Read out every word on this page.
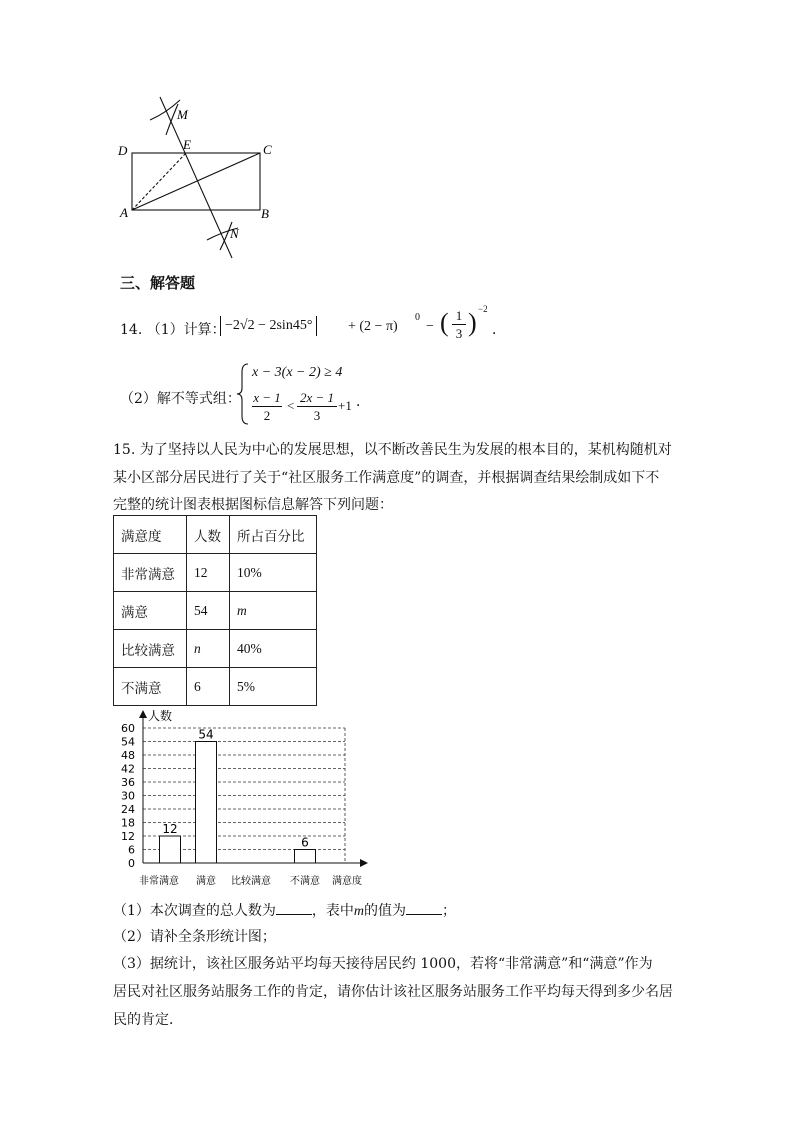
M
E	C
D
A	B
N
三、解答题
14. （1）计算： −2√2 − 2sin45°	+ (2 − π)
0
− ( 1
3 ) −2
．
（2）解不等式组：
x − 3(x − 2) ≥ 4
x − 1
2
<
2x − 1
3
+1 ．
15. 为了坚持以人民为中心的发展思想，以不断改善民生为发展的根本目的，某机构随机对
某小区部分居民进行了关于“社区服务工作满意度”的调查，并根据调查结果绘制成如下不
完整的统计图表根据图标信息解答下列问题：
满意度	人数	所占百分比
非常满意	12	10%
满意	54	m
比较满意	n	40%
不满意	6	5%
0
6
12
18
24
30
36
42
48
54
60
人数
满意度
12
非常满意
54
满意 比较满意
6
不满意
（1）本次调查的总人数为	，表中m的值为	；
（2）请补全条形统计图；
（3）据统计，该社区服务站平均每天接待居民约 1000，若将“非常满意”和“满意”作为
居民对社区服务站服务工作的肯定，请你估计该社区服务站服务工作平均每天得到多少名居
民的肯定．
